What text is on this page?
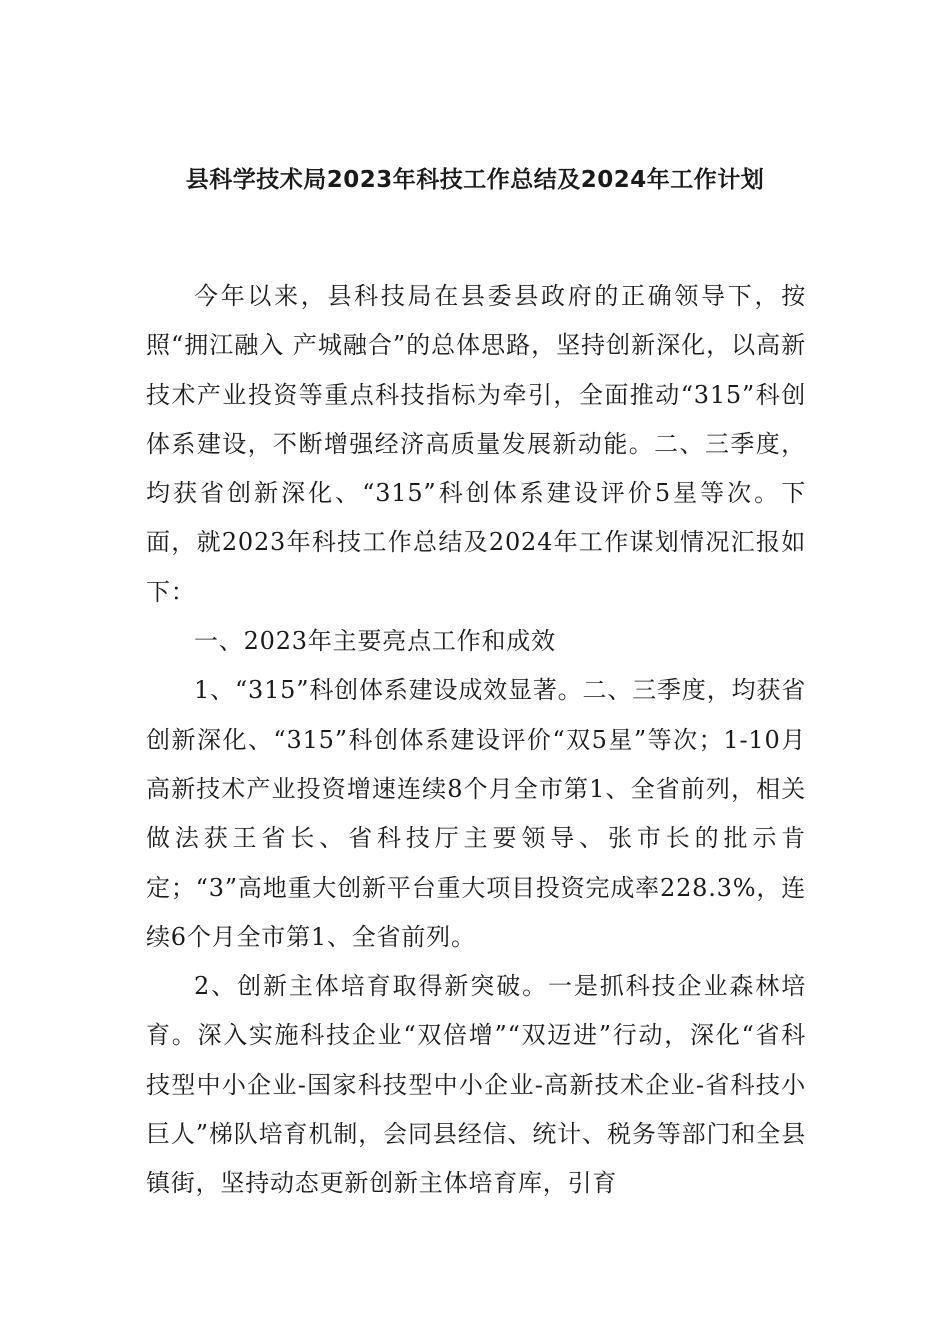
县科学技术局2023年科技工作总结及2024年工作计划

今年以来，县科技局在县委县政府的正确领导下，按照“拥江融入 产城融合”的总体思路，坚持创新深化，以高新技术产业投资等重点科技指标为牵引，全面推动“315”科创体系建设，不断增强经济高质量发展新动能。二、三季度，均获省创新深化、“315”科创体系建设评价5星等次。下面，就2023年科技工作总结及2024年工作谋划情况汇报如下：

一、2023年主要亮点工作和成效

1、“315”科创体系建设成效显著。二、三季度，均获省创新深化、“315”科创体系建设评价“双5星”等次；1-10月高新技术产业投资增速连续8个月全市第1、全省前列，相关做法获王省长、省科技厅主要领导、张市长的批示肯定；“3”高地重大创新平台重大项目投资完成率228.3%，连续6个月全市第1、全省前列。

2、创新主体培育取得新突破。一是抓科技企业森林培育。深入实施科技企业“双倍增”“双迈进”行动，深化“省科技型中小企业-国家科技型中小企业-高新技术企业-省科技小巨人”梯队培育机制，会同县经信、统计、税务等部门和全县镇街，坚持动态更新创新主体培育库，引育
